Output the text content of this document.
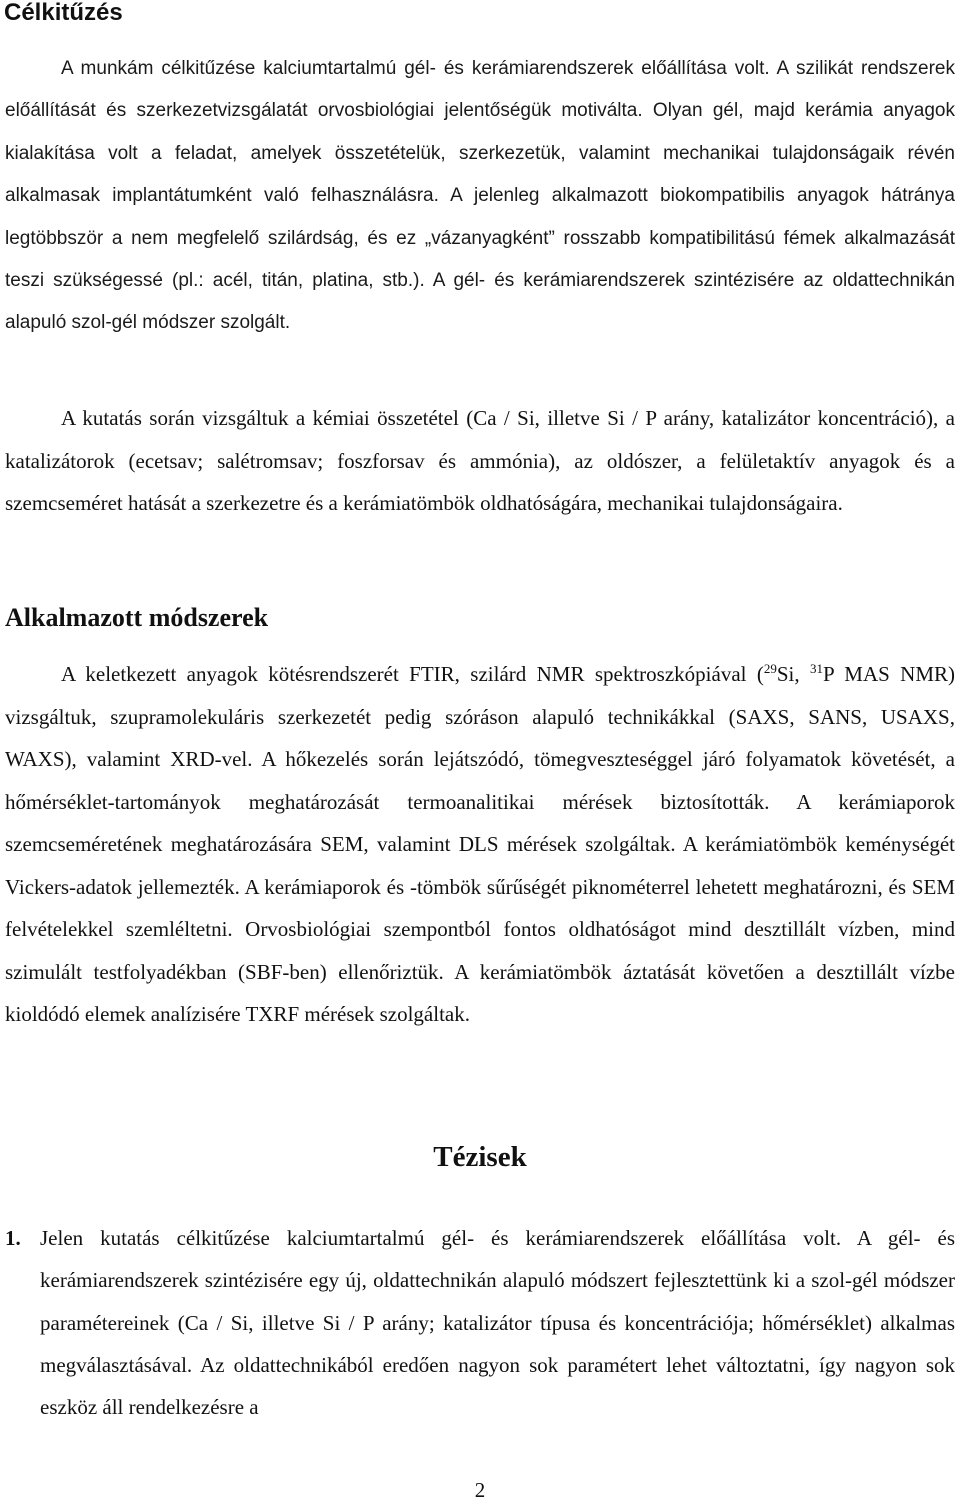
Célkitűzés

A munkám célkitűzése kalciumtartalmú gél- és kerámiarendszerek előállítása volt. A szilikát rendszerek előállítását és szerkezetvizsgálatát orvosbiológiai jelentőségük motiválta. Olyan gél, majd kerámia anyagok kialakítása volt a feladat, amelyek összetételük, szerkezetük, valamint mechanikai tulajdonságaik révén alkalmasak implantátumként való felhasználásra. A jelenleg alkalmazott biokompatibilis anyagok hátránya legtöbbször a nem megfelelő szilárdság, és ez „vázanyagként” rosszabb kompatibilitású fémek alkalmazását teszi szükségessé (pl.: acél, titán, platina, stb.). A gél- és kerámiarendszerek szintézisére az oldattechnikán alapuló szol-gél módszer szolgált.

A kutatás során vizsgáltuk a kémiai összetétel (Ca / Si, illetve Si / P arány, katalizátor koncentráció), a katalizátorok (ecetsav; salétromsav; foszforsav és ammónia), az oldószer, a felületaktív anyagok és a szemcseméret hatását a szerkezetre és a kerámiatömbök oldhatóságára, mechanikai tulajdonságaira.

Alkalmazott módszerek

A keletkezett anyagok kötésrendszerét FTIR, szilárd NMR spektroszkópiával ($^{29}$Si, $^{31}$P MAS NMR) vizsgáltuk, szupramolekuláris szerkezetét pedig szóráson alapuló technikákkal (SAXS, SANS, USAXS, WAXS), valamint XRD-vel. A hőkezelés során lejátszódó, tömegveszteséggel járó folyamatok követését, a hőmérséklet-tartományok meghatározását termoanalitikai mérések biztosították. A kerámiaporok szemcseméretének meghatározására SEM, valamint DLS mérések szolgáltak. A kerámiatömbök keménységét Vickers-adatok jellemezték. A kerámiaporok és -tömbök sűrűségét piknométerrel lehetett meghatározni, és SEM felvételekkel szemléltetni. Orvosbiológiai szempontból fontos oldhatóságot mind desztillált vízben, mind szimulált testfolyadékban (SBF-ben) ellenőriztük. A kerámiatömbök áztatását követően a desztillált vízbe kioldódó elemek analízisére TXRF mérések szolgáltak.

Tézisek
1. Jelen kutatás célkitűzése kalciumtartalmú gél- és kerámiarendszerek előállítása volt. A gél- és kerámiarendszerek szintézisére egy új, oldattechnikán alapuló módszert fejlesztettünk ki a szol-gél módszer paramétereinek (Ca / Si, illetve Si / P arány; katalizátor típusa és koncentrációja; hőmérséklet) alkalmas megválasztásával. Az oldattechnikából eredően nagyon sok paramétert lehet változtatni, így nagyon sok eszköz áll rendelkezésre a
2
